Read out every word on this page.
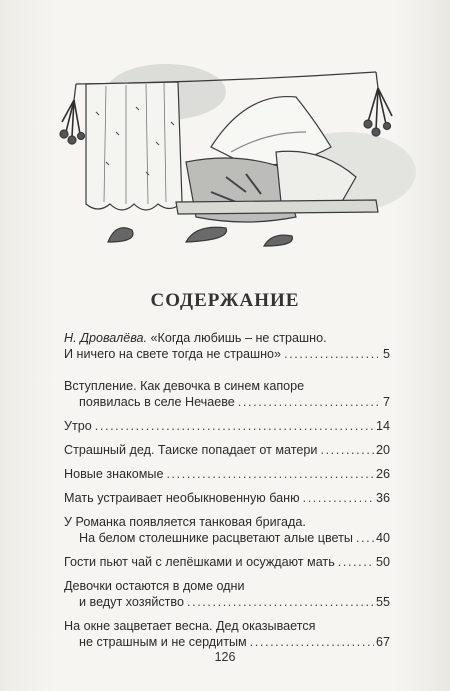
СОДЕРЖАНИЕ
Н. Дровалёва. «Когда любишь – не страшно.
И ничего на свете тогда не страшно» .....	5
Вступление. Как девочка в синем капоре
появилась в селе Нечаеве .....	7
Утро .....	14
Страшный дед. Таиске попадает от матери .....	20
Новые знакомые .....	26
Мать устраивает необыкновенную баню .....	36
У Романка появляется танковая бригада.
На белом столешнике расцветают алые цветы ..... 40
Гости пьют чай с лепёшками и осуждают мать .....	50
Девочки остаются в доме одни
и ведут хозяйство .....	55
На окне зацветает весна. Дед оказывается
не страшным и не сердитым .....	67
126
